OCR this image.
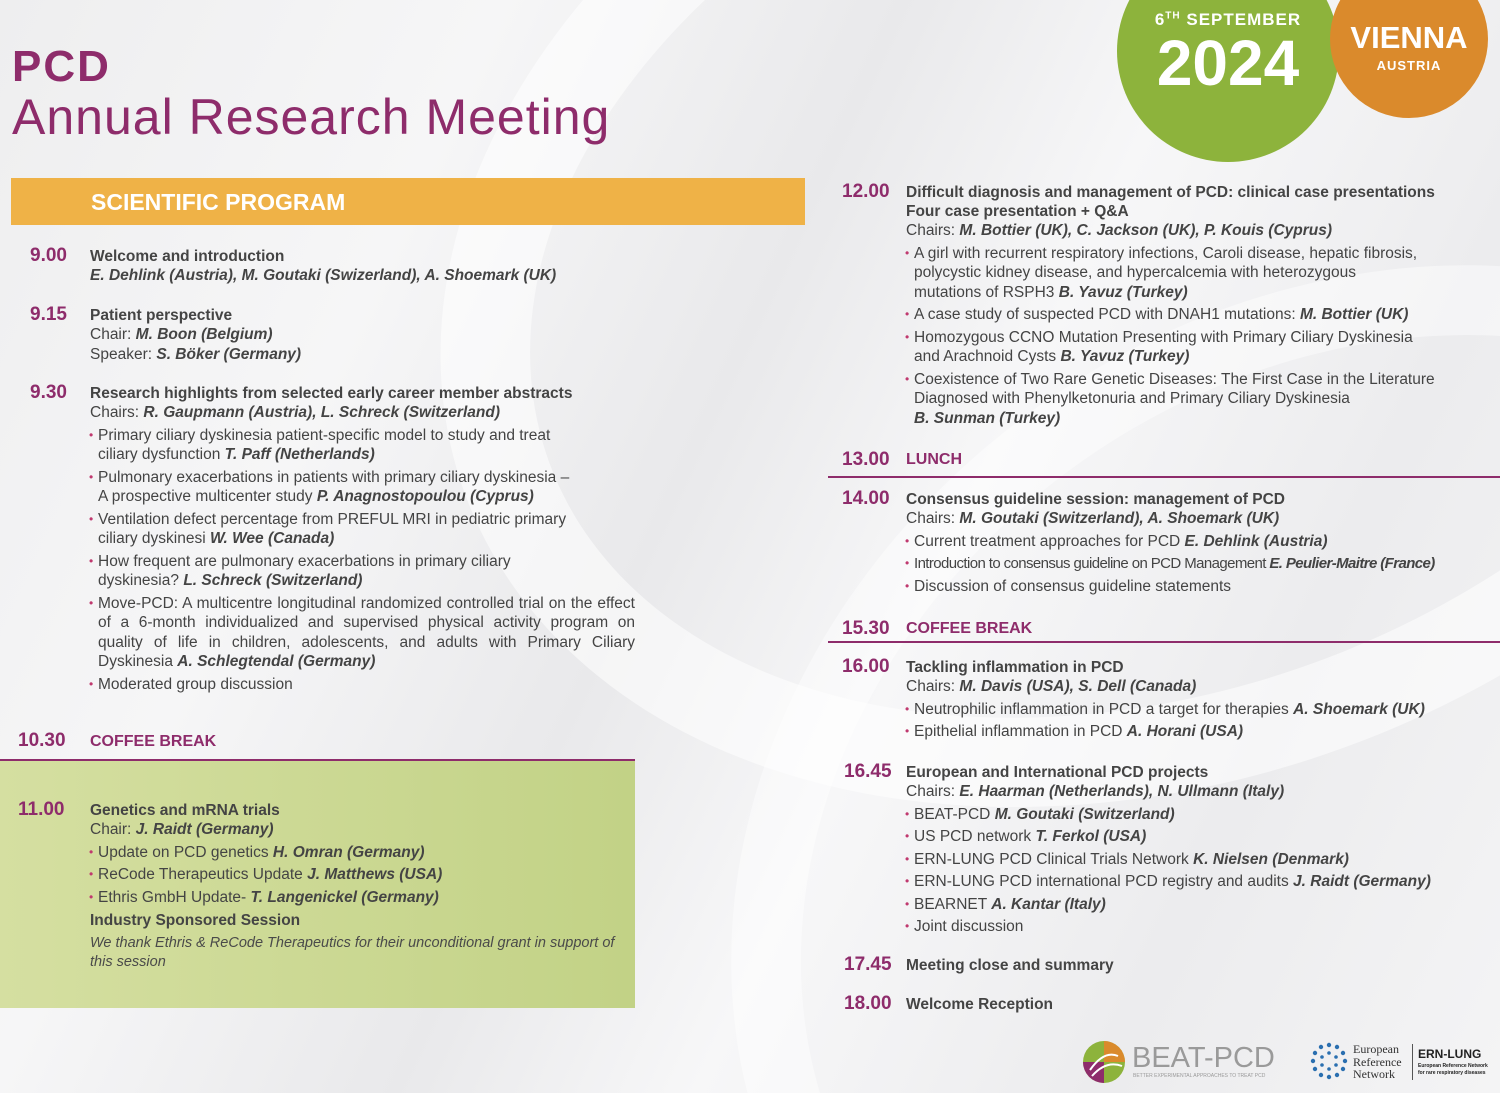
PCD
Annual Research Meeting
6TH SEPTEMBER
2024	VIENNA
AUSTRIA
SCIENTIFIC PROGRAM
9.00 Welcome and introduction
E. Dehlink (Austria), M. Goutaki (Swizerland), A. Shoemark (UK)
9.15 Patient perspective
Chair: M. Boon (Belgium)
Speaker: S. Böker (Germany)
9.30 Research highlights from selected early career member abstracts
Chairs: R. Gaupmann (Austria), L. Schreck (Switzerland)
• Primary ciliary dyskinesia patient-specific model to study and treat
ciliary dysfunction T. Paff (Netherlands)
• Pulmonary exacerbations in patients with primary ciliary dyskinesia –
A prospective multicenter study P. Anagnostopoulou (Cyprus)
• Ventilation defect percentage from PREFUL MRI in pediatric primary
ciliary dyskinesi W. Wee (Canada)
• How frequent are pulmonary exacerbations in primary ciliary
dyskinesia? L. Schreck (Switzerland)
• Move-PCD: A multicentre longitudinal randomized controlled trial on the effect of a 6-month individualized and supervised physical activity program on quality of life in children, adolescents, and adults with Primary Ciliary Dyskinesia A. Schlegtendal (Germany)
• Moderated group discussion
10.30 COFFEE BREAK
11.00 Genetics and mRNA trials
Chair: J. Raidt (Germany)
• Update on PCD genetics H. Omran (Germany)
• ReCode Therapeutics Update J. Matthews (USA)
• Ethris GmbH Update- T. Langenickel (Germany)
Industry Sponsored Session
We thank Ethris & ReCode Therapeutics for their unconditional grant in support of this session
12.00 Difficult diagnosis and management of PCD: clinical case presentations
Four case presentation + Q&A
Chairs: M. Bottier (UK), C. Jackson (UK), P. Kouis (Cyprus)
• A girl with recurrent respiratory infections, Caroli disease, hepatic fibrosis,
polycystic kidney disease, and hypercalcemia with heterozygous
mutations of RSPH3 B. Yavuz (Turkey)
• A case study of suspected PCD with DNAH1 mutations: M. Bottier (UK)
• Homozygous CCNO Mutation Presenting with Primary Ciliary Dyskinesia
and Arachnoid Cysts B. Yavuz (Turkey)
• Coexistence of Two Rare Genetic Diseases: The First Case in the Literature
Diagnosed with Phenylketonuria and Primary Ciliary Dyskinesia
B. Sunman (Turkey)
13.00 LUNCH
14.00 Consensus guideline session: management of PCD
Chairs: M. Goutaki (Switzerland), A. Shoemark (UK)
• Current treatment approaches for PCD E. Dehlink (Austria)
• Introduction to consensus guideline on PCD Management E. Peulier-Maitre (France)
• Discussion of consensus guideline statements
15.30 COFFEE BREAK
16.00 Tackling inflammation in PCD
Chairs: M. Davis (USA), S. Dell (Canada)
• Neutrophilic inflammation in PCD a target for therapies A. Shoemark (UK)
• Epithelial inflammation in PCD A. Horani (USA)
16.45 European and International PCD projects
Chairs: E. Haarman (Netherlands), N. Ullmann (Italy)
• BEAT-PCD M. Goutaki (Switzerland)
• US PCD network T. Ferkol (USA)
• ERN-LUNG PCD Clinical Trials Network K. Nielsen (Denmark)
• ERN-LUNG PCD international PCD registry and audits J. Raidt (Germany)
• BEARNET A. Kantar (Italy)
• Joint discussion
17.45 Meeting close and summary
18.00 Welcome Reception
BEAT-PCD
BETTER EXPERIMENTAL APPROACHES TO TREAT PCD
European
Reference
Network
ERN-LUNG
European Reference Network
for rare respiratory diseases
